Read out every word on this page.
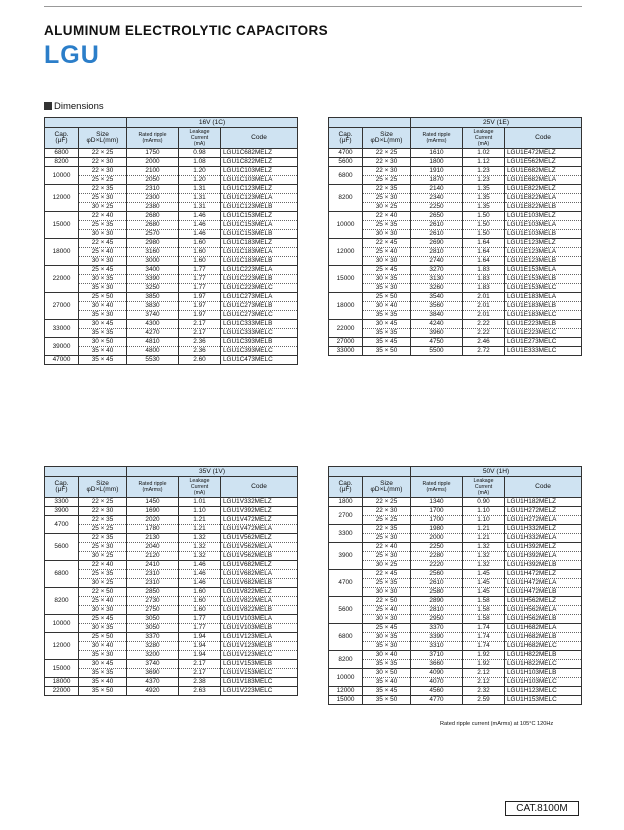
ALUMINUM ELECTROLYTIC CAPACITORS
LGU
Dimensions
		16V (1C)		
Cap.
(μF)	Size
φD×L(mm)	Rated ripple
(mArms)	Leakage
Current
(mA)	Code
6800	22 × 25	1750	0.98	LGU1C682MELZ
8200	22 × 30	2000	1.08	LGU1C822MELZ
10000	22 × 30	2100	1.20	LGU1C103MELZ
	25 × 25	2050	1.20	LGU1C103MELA
12000	22 × 35	2310	1.31	LGU1C123MELZ
	25 × 30	2300	1.31	LGU1C123MELA
	30 × 25	2380	1.31	LGU1C123MELB
15000	22 × 40	2680	1.46	LGU1C153MELZ
	25 × 35	2680	1.46	LGU1C153MELA
	30 × 30	2570	1.46	LGU1C153MELB
18000	22 × 45	2980	1.60	LGU1C183MELZ
	25 × 40	3160	1.60	LGU1C183MELA
	30 × 30	3000	1.60	LGU1C183MELB
22000	25 × 45	3400	1.77	LGU1C223MELA
	30 × 35	3390	1.77	LGU1C223MELB
	35 × 30	3250	1.77	LGU1C223MELC
27000	25 × 50	3850	1.97	LGU1C273MELA
	30 × 40	3830	1.97	LGU1C273MELB
	35 × 30	3740	1.97	LGU1C273MELC
33000	30 × 45	4300	2.17	LGU1C333MELB
	35 × 35	4270	2.17	LGU1C333MELC
39000	30 × 50	4810	2.36	LGU1C393MELB
	35 × 40	4800	2.36	LGU1C393MELC
47000	35 × 45	5530	2.60	LGU1C473MELC
		25V (1E)		
Cap.
(μF)	Size
φD×L(mm)	Rated ripple
(mArms)	Leakage
Current
(mA)	Code
4700	22 × 25	1610	1.02	LGU1E472MELZ
5600	22 × 30	1800	1.12	LGU1E562MELZ
6800	22 × 30	1910	1.23	LGU1E682MELZ
	25 × 25	1870	1.23	LGU1E682MELA
8200	22 × 35	2140	1.35	LGU1E822MELZ
	25 × 30	2340	1.35	LGU1E822MELA
	30 × 25	2250	1.35	LGU1E822MELB
10000	22 × 40	2650	1.50	LGU1E103MELZ
	25 × 35	2610	1.50	LGU1E103MELA
	30 × 30	2610	1.50	LGU1E103MELB
12000	22 × 45	2690	1.64	LGU1E123MELZ
	25 × 40	2810	1.64	LGU1E123MELA
	30 × 30	2740	1.64	LGU1E123MELB
15000	25 × 45	3270	1.83	LGU1E153MELA
	30 × 35	3130	1.83	LGU1E153MELB
	35 × 30	3260	1.83	LGU1E153MELC
18000	25 × 50	3540	2.01	LGU1E183MELA
	30 × 40	3560	2.01	LGU1E183MELB
	35 × 35	3840	2.01	LGU1E183MELC
22000	30 × 45	4240	2.22	LGU1E223MELB
	35 × 35	3960	2.22	LGU1E223MELC
27000	35 × 45	4750	2.46	LGU1E273MELC
33000	35 × 50	5500	2.72	LGU1E333MELC
		35V (1V)		
Cap.
(μF)	Size
φD×L(mm)	Rated ripple
(mArms)	Leakage
Current
(mA)	Code
3300	22 × 25	1450	1.01	LGU1V332MELZ
3900	22 × 30	1690	1.10	LGU1V392MELZ
4700	22 × 35	2020	1.21	LGU1V472MELZ
	25 × 25	1780	1.21	LGU1V472MELA
5600	22 × 35	2130	1.32	LGU1V562MELZ
	25 × 30	2040	1.32	LGU1V562MELA
	30 × 25	2120	1.32	LGU1V562MELB
6800	22 × 40	2410	1.46	LGU1V682MELZ
	25 × 35	2310	1.46	LGU1V682MELA
	30 × 25	2310	1.46	LGU1V682MELB
8200	22 × 50	2850	1.60	LGU1V822MELZ
	25 × 40	2730	1.60	LGU1V822MELA
	30 × 30	2750	1.60	LGU1V822MELB
10000	25 × 45	3050	1.77	LGU1V103MELA
	30 × 35	3050	1.77	LGU1V103MELB
12000	25 × 50	3370	1.94	LGU1V123MELA
	30 × 40	3280	1.94	LGU1V123MELB
	35 × 30	3200	1.94	LGU1V123MELC
15000	30 × 45	3740	2.17	LGU1V153MELB
	35 × 35	3690	2.17	LGU1V153MELC
18000	35 × 40	4370	2.38	LGU1V183MELC
22000	35 × 50	4920	2.63	LGU1V223MELC
		50V (1H)		
Cap.
(μF)	Size
φD×L(mm)	Rated ripple
(mArms)	Leakage
Current
(mA)	Code
1800	22 × 25	1340	0.90	LGU1H182MELZ
2700	22 × 30	1700	1.10	LGU1H272MELZ
	25 × 25	1700	1.10	LGU1H272MELA
3300	22 × 35	1980	1.21	LGU1H332MELZ
	25 × 30	2000	1.21	LGU1H332MELA
3900	22 × 40	2250	1.32	LGU1H392MELZ
	25 × 30	2280	1.32	LGU1H392MELA
	30 × 25	2220	1.32	LGU1H392MELB
4700	22 × 45	2560	1.45	LGU1H472MELZ
	25 × 35	2610	1.45	LGU1H472MELA
	30 × 30	2580	1.45	LGU1H472MELB
5600	22 × 50	2890	1.58	LGU1H562MELZ
	25 × 40	2810	1.58	LGU1H562MELA
	30 × 30	2950	1.58	LGU1H562MELB
6800	25 × 45	3370	1.74	LGU1H682MELA
	30 × 35	3390	1.74	LGU1H682MELB
	35 × 30	3310	1.74	LGU1H682MELC
8200	30 × 40	3710	1.92	LGU1H822MELB
	35 × 35	3660	1.92	LGU1H822MELC
10000	30 × 50	4090	2.12	LGU1H103MELB
	35 × 40	4070	2.12	LGU1H103MELC
12000	35 × 45	4560	2.32	LGU1H123MELC
15000	35 × 50	4770	2.59	LGU1H153MELC
Rated ripple current (mArms) at 105°C 120Hz
CAT.8100M
